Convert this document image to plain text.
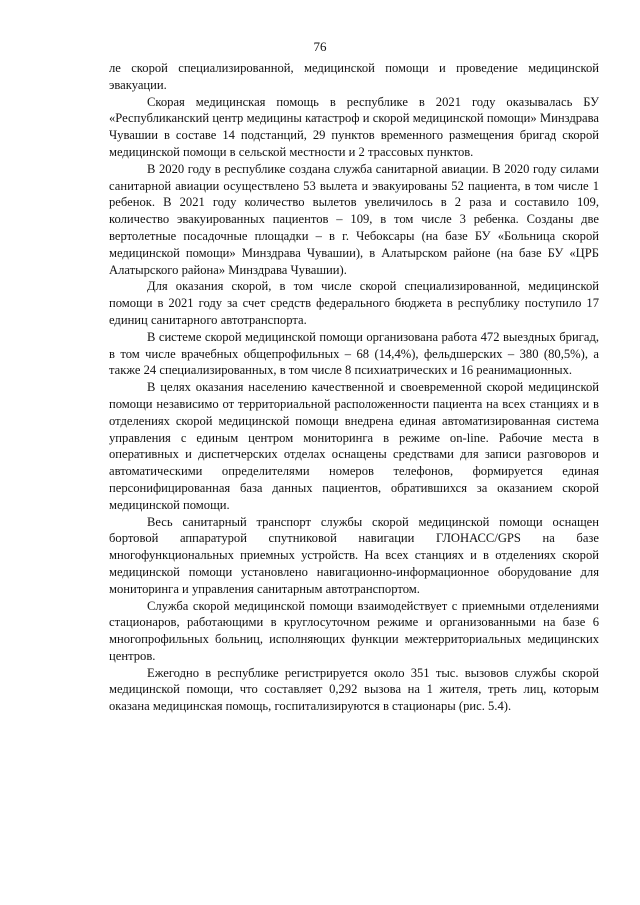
76

ле скорой специализированной, медицинской помощи и проведение медицинской эвакуации.

Скорая медицинская помощь в республике в 2021 году оказывалась БУ «Республиканский центр медицины катастроф и скорой медицинской помощи» Минздрава Чувашии в составе 14 подстанций, 29 пунктов временного размещения бригад скорой медицинской помощи в сельской местности и 2 трассовых пунктов.

В 2020 году в республике создана служба санитарной авиации. В 2020 году силами санитарной авиации осуществлено 53 вылета и эвакуированы 52 пациента, в том числе 1 ребенок. В 2021 году количество вылетов увеличилось в 2 раза и составило 109, количество эвакуированных пациентов – 109, в том числе 3 ребенка. Созданы две вертолетные посадочные площадки – в г. Чебоксары (на базе БУ «Больница скорой медицинской помощи» Минздрава Чувашии), в Алатырском районе (на базе БУ «ЦРБ Алатырского района» Минздрава Чувашии).

Для оказания скорой, в том числе скорой специализированной, медицинской помощи в 2021 году за счет средств федерального бюджета в республику поступило 17 единиц санитарного автотранспорта.

В системе скорой медицинской помощи организована работа 472 выездных бригад, в том числе врачебных общепрофильных – 68 (14,4%), фельдшерских – 380 (80,5%), а также 24 специализированных, в том числе 8 психиатрических и 16 реанимационных.

В целях оказания населению качественной и своевременной скорой медицинской помощи независимо от территориальной расположенности пациента на всех станциях и в отделениях скорой медицинской помощи внедрена единая автоматизированная система управления с единым центром мониторинга в режиме on-line. Рабочие места в оперативных и диспетчерских отделах оснащены средствами для записи разговоров и автоматическими определителями номеров телефонов, формируется единая персонифицированная база данных пациентов, обратившихся за оказанием скорой медицинской помощи.

Весь санитарный транспорт службы скорой медицинской помощи оснащен бортовой аппаратурой спутниковой навигации ГЛОНАСС/GPS на базе многофункциональных приемных устройств. На всех станциях и в отделениях скорой медицинской помощи установлено навигационно-информационное оборудование для мониторинга и управления санитарным автотранспортом.

Служба скорой медицинской помощи взаимодействует с приемными отделениями стационаров, работающими в круглосуточном режиме и организованными на базе 6 многопрофильных больниц, исполняющих функции межтерриториальных медицинских центров.

Ежегодно в республике регистрируется около 351 тыс. вызовов службы скорой медицинской помощи, что составляет 0,292 вызова на 1 жителя, треть лиц, которым оказана медицинская помощь, госпитализируются в стационары (рис. 5.4).
